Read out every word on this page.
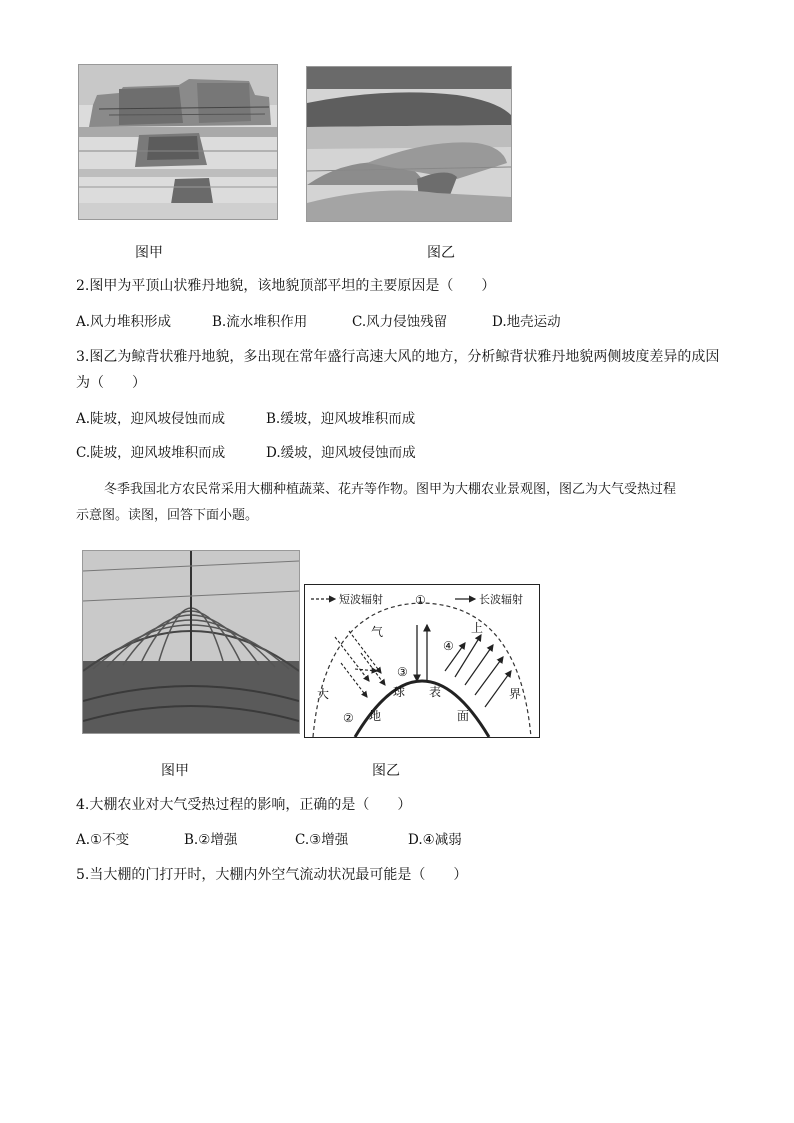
图甲	图乙
2.图甲为平顶山状雅丹地貌，该地貌顶部平坦的主要原因是（　　）
A.风力堆积形成	B.流水堆积作用	C.风力侵蚀残留	D.地壳运动
3.图乙为鲸背状雅丹地貌，多出现在常年盛行高速大风的地方，分析鲸背状雅丹地貌两侧坡度差异的成因
为（　　）
A.陡坡，迎风坡侵蚀而成	B.缓坡，迎风坡堆积而成
C.陡坡，迎风坡堆积而成	D.缓坡，迎风坡侵蚀而成
冬季我国北方农民常采用大棚种植蔬菜、花卉等作物。图甲为大棚农业景观图，图乙为大气受热过程
示意图。读图，回答下面小题。
短波辐射	长波辐射
①
④
③
②
大
气	上
界
地
球 表
面
图甲	图乙
4.大棚农业对大气受热过程的影响，正确的是（　　）
A.①不变	B.②增强	C.③增强	D.④减弱
5.当大棚的门打开时，大棚内外空气流动状况最可能是（　　）
